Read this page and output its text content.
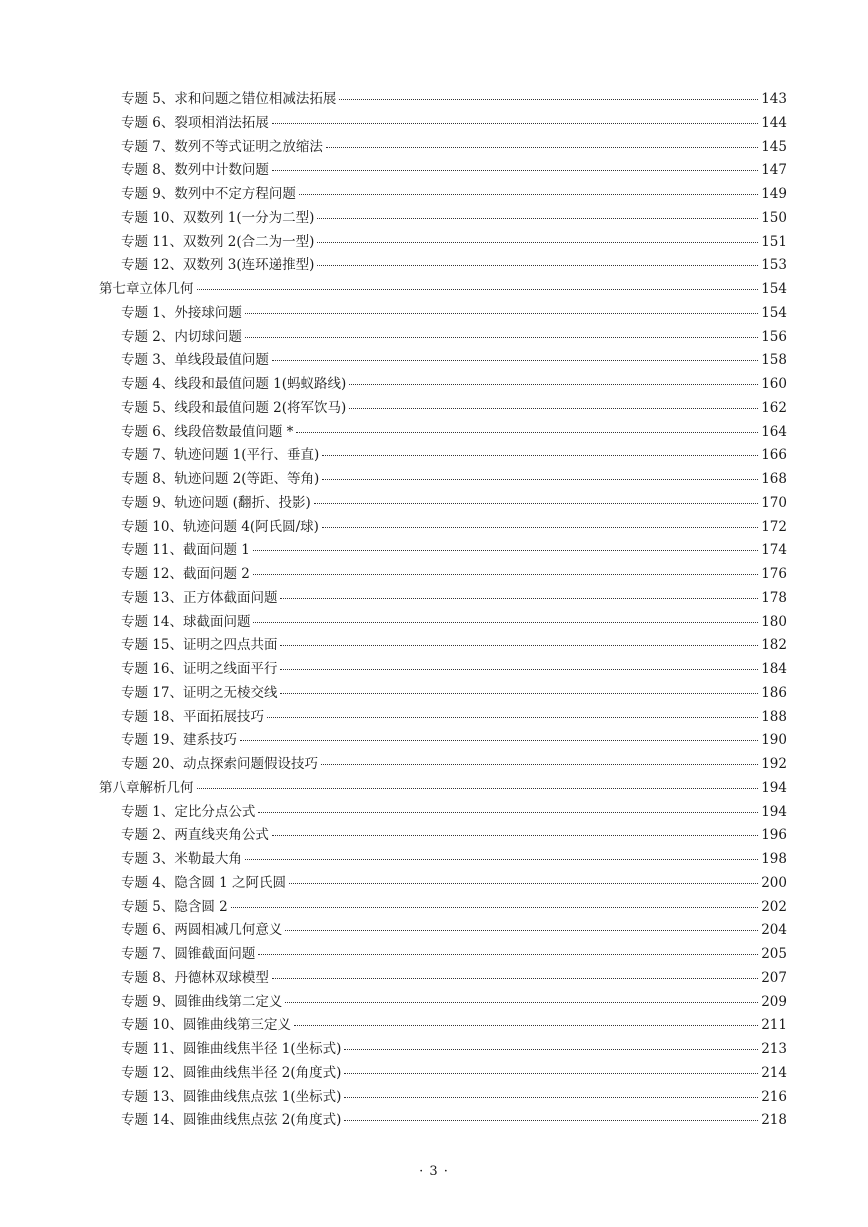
专题 5、求和问题之错位相减法拓展	143
专题 6、裂项相消法拓展	144
专题 7、数列不等式证明之放缩法	145
专题 8、数列中计数问题	147
专题 9、数列中不定方程问题	149
专题 10、双数列 1(一分为二型)	150
专题 11、双数列 2(合二为一型)	151
专题 12、双数列 3(连环递推型)	153
第七章立体几何	154
专题 1、外接球问题	154
专题 2、内切球问题	156
专题 3、单线段最值问题	158
专题 4、线段和最值问题 1(蚂蚁路线)	160
专题 5、线段和最值问题 2(将军饮马)	162
专题 6、线段倍数最值问题 *	164
专题 7、轨迹问题 1(平行、垂直)	166
专题 8、轨迹问题 2(等距、等角)	168
专题 9、轨迹问题 (翻折、投影)	170
专题 10、轨迹问题 4(阿氏圆/球)	172
专题 11、截面问题 1	174
专题 12、截面问题 2	176
专题 13、正方体截面问题	178
专题 14、球截面问题	180
专题 15、证明之四点共面	182
专题 16、证明之线面平行	184
专题 17、证明之无棱交线	186
专题 18、平面拓展技巧	188
专题 19、建系技巧	190
专题 20、动点探索问题假设技巧	192
第八章解析几何	194
专题 1、定比分点公式	194
专题 2、两直线夹角公式	196
专题 3、米勒最大角	198
专题 4、隐含圆 1 之阿氏圆	200
专题 5、隐含圆 2	202
专题 6、两圆相减几何意义	204
专题 7、圆锥截面问题	205
专题 8、丹德林双球模型	207
专题 9、圆锥曲线第二定义	209
专题 10、圆锥曲线第三定义	211
专题 11、圆锥曲线焦半径 1(坐标式)	213
专题 12、圆锥曲线焦半径 2(角度式)	214
专题 13、圆锥曲线焦点弦 1(坐标式)	216
专题 14、圆锥曲线焦点弦 2(角度式)	218
· 3 ·
